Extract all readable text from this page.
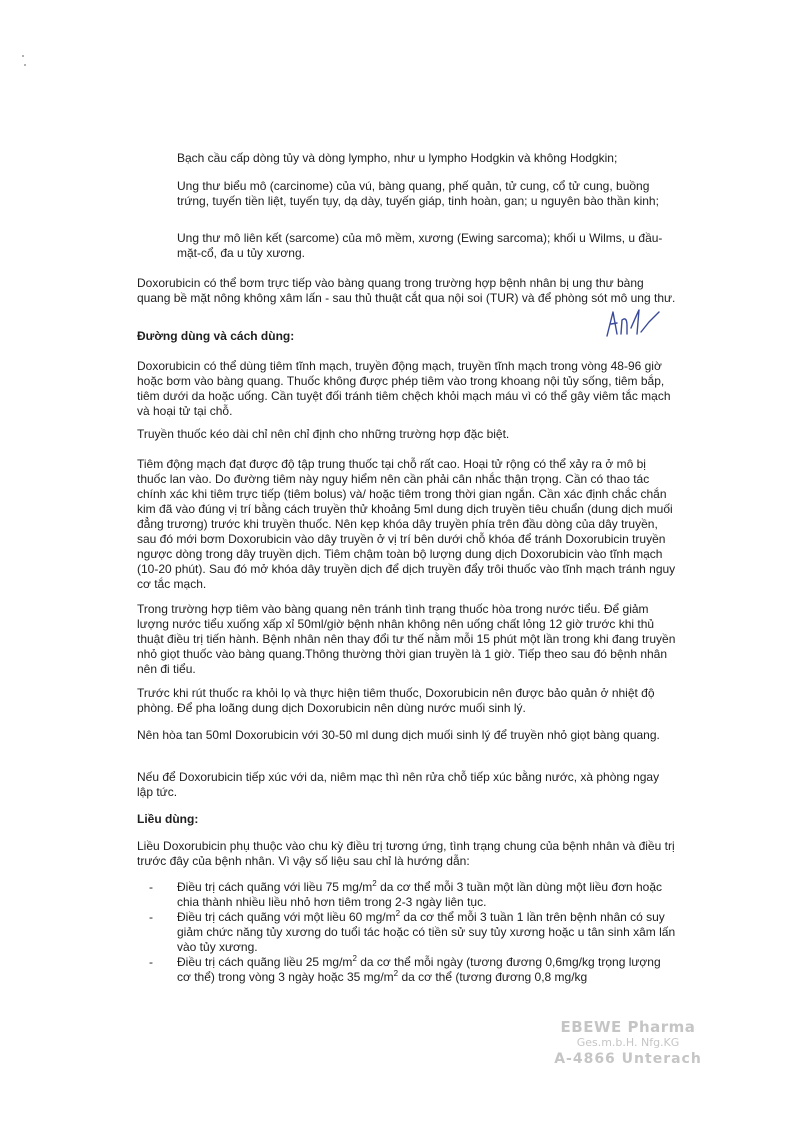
Bạch cầu cấp dòng tủy và dòng lympho, như u lympho Hodgkin và không Hodgkin;

Ung thư biểu mô (carcinome) của vú, bàng quang, phế quản, tử cung, cổ tử cung, buồng trứng, tuyến tiền liệt, tuyến tụy, dạ dày, tuyến giáp, tinh hoàn, gan; u nguyên bào thần kinh;

Ung thư mô liên kết (sarcome) của mô mềm, xương (Ewing sarcoma); khối u Wilms, u đầu-mặt-cổ, đa u tủy xương.

Doxorubicin có thể bơm trực tiếp vào bàng quang trong trường hợp bệnh nhân bị ung thư bàng quang bề mặt nông không xâm lấn - sau thủ thuật cắt qua nội soi (TUR) và để phòng sót mô ung thư.

Đường dùng và cách dùng:

Doxorubicin có thể dùng tiêm tĩnh mạch, truyền động mạch, truyền tĩnh mạch trong vòng 48-96 giờ hoặc bơm vào bàng quang. Thuốc không được phép tiêm vào trong khoang nội tủy sống, tiêm bắp, tiêm dưới da hoặc uống. Cần tuyệt đối tránh tiêm chệch khỏi mạch máu vì có thể gây viêm tắc mạch và hoại tử tại chỗ.

Truyền thuốc kéo dài chỉ nên chỉ định cho những trường hợp đặc biệt.

Tiêm động mạch đạt được độ tập trung thuốc tại chỗ rất cao. Hoại tử rộng có thể xảy ra ở mô bị thuốc lan vào. Do đường tiêm này nguy hiểm nên cần phải cân nhắc thận trọng. Cần có thao tác chính xác khi tiêm trực tiếp (tiêm bolus) và/ hoặc tiêm trong thời gian ngắn. Cần xác định chắc chắn kim đã vào đúng vị trí bằng cách truyền thử khoảng 5ml dung dịch truyền tiêu chuẩn (dung dịch muối đẳng trương) trước khi truyền thuốc. Nên kẹp khóa dây truyền phía trên đầu dòng của dây truyền, sau đó mới bơm Doxorubicin vào dây truyền ở vị trí bên dưới chỗ khóa để tránh Doxorubicin truyền ngược dòng trong dây truyền dịch. Tiêm chậm toàn bộ lượng dung dịch Doxorubicin vào tĩnh mạch (10-20 phút). Sau đó mở khóa dây truyền dịch để dịch truyền đẩy trôi thuốc vào tĩnh mạch tránh nguy cơ tắc mạch.

Trong trường hợp tiêm vào bàng quang nên tránh tình trạng thuốc hòa trong nước tiểu. Để giảm lượng nước tiểu xuống xấp xỉ 50ml/giờ bệnh nhân không nên uống chất lỏng 12 giờ trước khi thủ thuật điều trị tiến hành. Bệnh nhân nên thay đổi tư thế nằm mỗi 15 phút một lần trong khi đang truyền nhỏ giọt thuốc vào bàng quang.Thông thường thời gian truyền là 1 giờ. Tiếp theo sau đó bệnh nhân nên đi tiểu.

Trước khi rút thuốc ra khỏi lọ và thực hiện tiêm thuốc, Doxorubicin nên được bảo quản ở nhiệt độ phòng. Để pha loãng dung dịch Doxorubicin nên dùng nước muối sinh lý.

Nên hòa tan 50ml Doxorubicin với 30-50 ml dung dịch muối sinh lý để truyền nhỏ giọt bàng quang.

Nếu để Doxorubicin tiếp xúc với da, niêm mạc thì nên rửa chỗ tiếp xúc bằng nước, xà phòng ngay lập tức.

Liều dùng:

Liều Doxorubicin phụ thuộc vào chu kỳ điều trị tương ứng, tình trạng chung của bệnh nhân và điều trị trước đây của bệnh nhân. Vì vậy số liệu sau chỉ là hướng dẫn:

- Điều trị cách quãng với liều 75 $mg/m^2$ da cơ thể mỗi 3 tuần một lần dùng một liều đơn hoặc chia thành nhiều liều nhỏ hơn tiêm trong 2-3 ngày liên tục.
- Điều trị cách quãng với một liều 60 $mg/m^2$ da cơ thể mỗi 3 tuần 1 lần trên bệnh nhân có suy giảm chức năng tủy xương do tuổi tác hoặc có tiền sử suy tủy xương hoặc u tân sinh xâm lấn vào tủy xương.
- Điều trị cách quãng liều 25 $mg/m^2$ da cơ thể mỗi ngày (tương đương 0,6mg/kg trọng lượng cơ thể) trong vòng 3 ngày hoặc 35 $mg/m^2$ da cơ thể (tương đương 0,8 mg/kg
EBEWE Pharma
Ges.m.b.H. Nfg.KG
A-4866 Unterach
